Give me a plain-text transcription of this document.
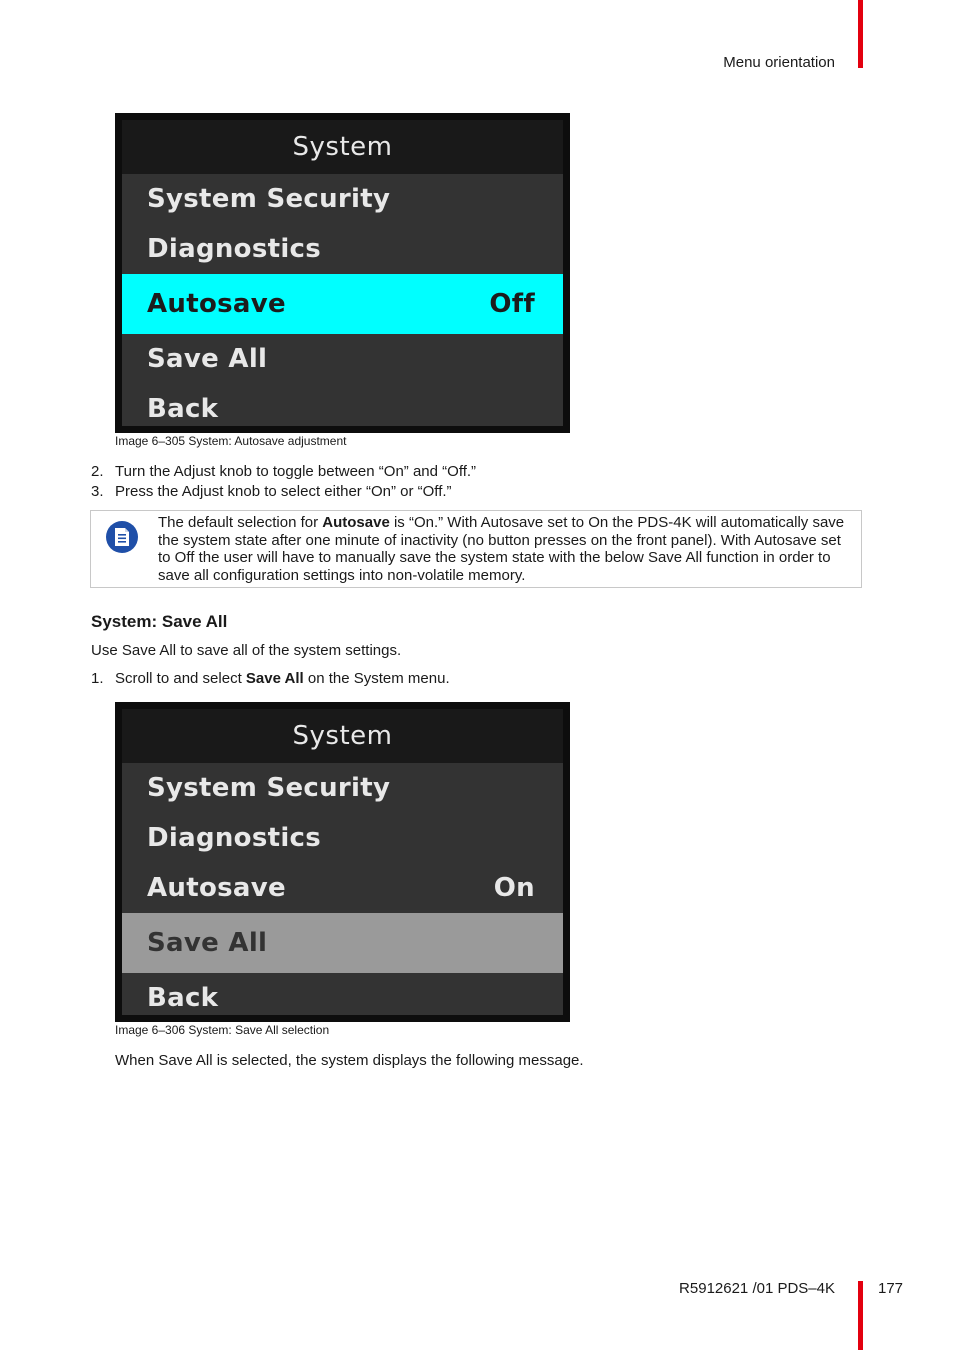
Menu orientation
System
System Security
Diagnostics
Autosave	Off
Save All
Back
Image 6–305 System: Autosave adjustment
2. Turn the Adjust knob to toggle between “On” and “Off.”
3. Press the Adjust knob to select either “On” or “Off.”
The default selection for Autosave is “On.” With Autosave set to On the PDS-4K will automatically save the system state after one minute of inactivity (no button presses on the front panel). With Autosave set to Off the user will have to manually save the system state with the below Save All function in order to save all configuration settings into non-volatile memory.
System: Save All
Use Save All to save all of the system settings.
1. Scroll to and select Save All on the System menu.
System
System Security
Diagnostics
Autosave	On
Save All
Back
Image 6–306 System: Save All selection
When Save All is selected, the system displays the following message.
R5912621 /01 PDS–4K	177
